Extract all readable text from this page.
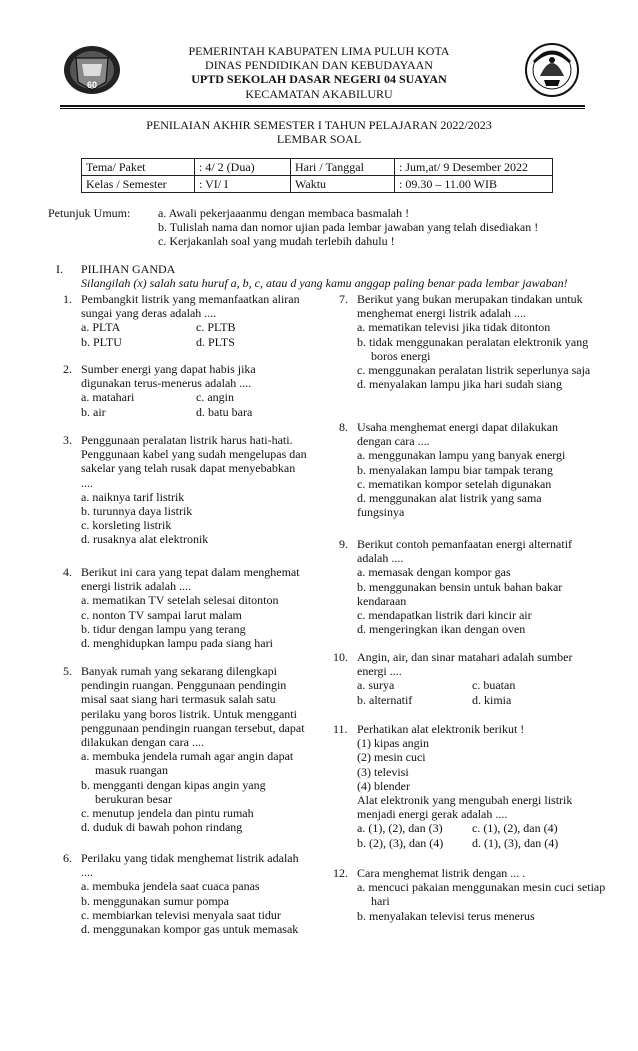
60
PEMERINTAH KABUPATEN LIMA PULUH KOTA
DINAS PENDIDIKAN DAN KEBUDAYAAN
UPTD SEKOLAH DASAR NEGERI 04 SUAYAN
KECAMATAN AKABILURU
PENILAIAN AKHIR SEMESTER I TAHUN PELAJARAN 2022/2023
LEMBAR SOAL
Tema/ Paket	: 4/ 2 (Dua)	Hari / Tanggal	: Jum,at/ 9 Desember 2022
Kelas / Semester	: VI/ I	Waktu	: 09.30 – 11.00 WIB
Petunjuk Umum: a. Awali pekerjaaanmu dengan membaca basmalah !
b. Tulislah nama dan nomor ujian pada lembar jawaban yang telah disediakan !
c. Kerjakanlah soal yang mudah terlebih dahulu !
I. PILIHAN GANDA
Silangilah (x) salah satu huruf a, b, c, atau d yang kamu anggap paling benar pada lembar jawaban!
1. Pembangkit listrik yang memanfaatkan aliran
sungai yang deras adalah ....
a. PLTA	c. PLTB
b. PLTU	d. PLTS
2. Sumber energi yang dapat habis jika
digunakan terus-menerus adalah ....
a. matahari	c. angin
b. air	d. batu bara
3. Penggunaan peralatan listrik harus hati-hati.
Penggunaan kabel yang sudah mengelupas dan
sakelar yang telah rusak dapat menyebabkan
....
a. naiknya tarif listrik
b. turunnya daya listrik
c. korsleting listrik
d. rusaknya alat elektronik
4. Berikut ini cara yang tepat dalam menghemat
energi listrik adalah ....
a. mematikan TV setelah selesai ditonton
c. nonton TV sampai larut malam
b. tidur dengan lampu yang terang
d. menghidupkan lampu pada siang hari
5. Banyak rumah yang sekarang dilengkapi
pendingin ruangan. Penggunaan pendingin
misal saat siang hari termasuk salah satu
perilaku yang boros listrik. Untuk mengganti
penggunaan pendingin ruangan tersebut, dapat
dilakukan dengan cara ....
a. membuka jendela rumah agar angin dapat masuk ruangan
b. mengganti dengan kipas angin yang berukuran besar
c. menutup jendela dan pintu rumah
d. duduk di bawah pohon rindang
6. Perilaku yang tidak menghemat listrik adalah
....
a. membuka jendela saat cuaca panas
b. menggunakan sumur pompa
c. membiarkan televisi menyala saat tidur
d. menggunakan kompor gas untuk memasak
7. Berikut yang bukan merupakan tindakan untuk
menghemat energi listrik adalah ....
a. mematikan televisi jika tidak ditonton
b. tidak menggunakan peralatan elektronik yang boros energi
c. menggunakan peralatan listrik seperlunya saja
d. menyalakan lampu jika hari sudah siang
8. Usaha menghemat energi dapat dilakukan
dengan cara ....
a. menggunakan lampu yang banyak energi
b. menyalakan lampu biar tampak terang
c. mematikan kompor setelah digunakan
d. menggunakan alat listrik yang sama fungsinya
9. Berikut contoh pemanfaatan energi alternatif
adalah ....
a. memasak dengan kompor gas
b. menggunakan bensin untuk bahan bakar kendaraan
c. mendapatkan listrik dari kincir air
d. mengeringkan ikan dengan oven
10. Angin, air, dan sinar matahari adalah sumber
energi ....
a. surya	c. buatan
b. alternatif	d. kimia
11. Perhatikan alat elektronik berikut !
(1) kipas angin
(2) mesin cuci
(3) televisi
(4) blender
Alat elektronik yang mengubah energi listrik
menjadi energi gerak adalah ....
a. (1), (2), dan (3)	c. (1), (2), dan (4)
b. (2), (3), dan (4)	d. (1), (3), dan (4)
12. Cara menghemat listrik dengan ... .
a. mencuci pakaian menggunakan mesin cuci setiap hari
b. menyalakan televisi terus menerus
